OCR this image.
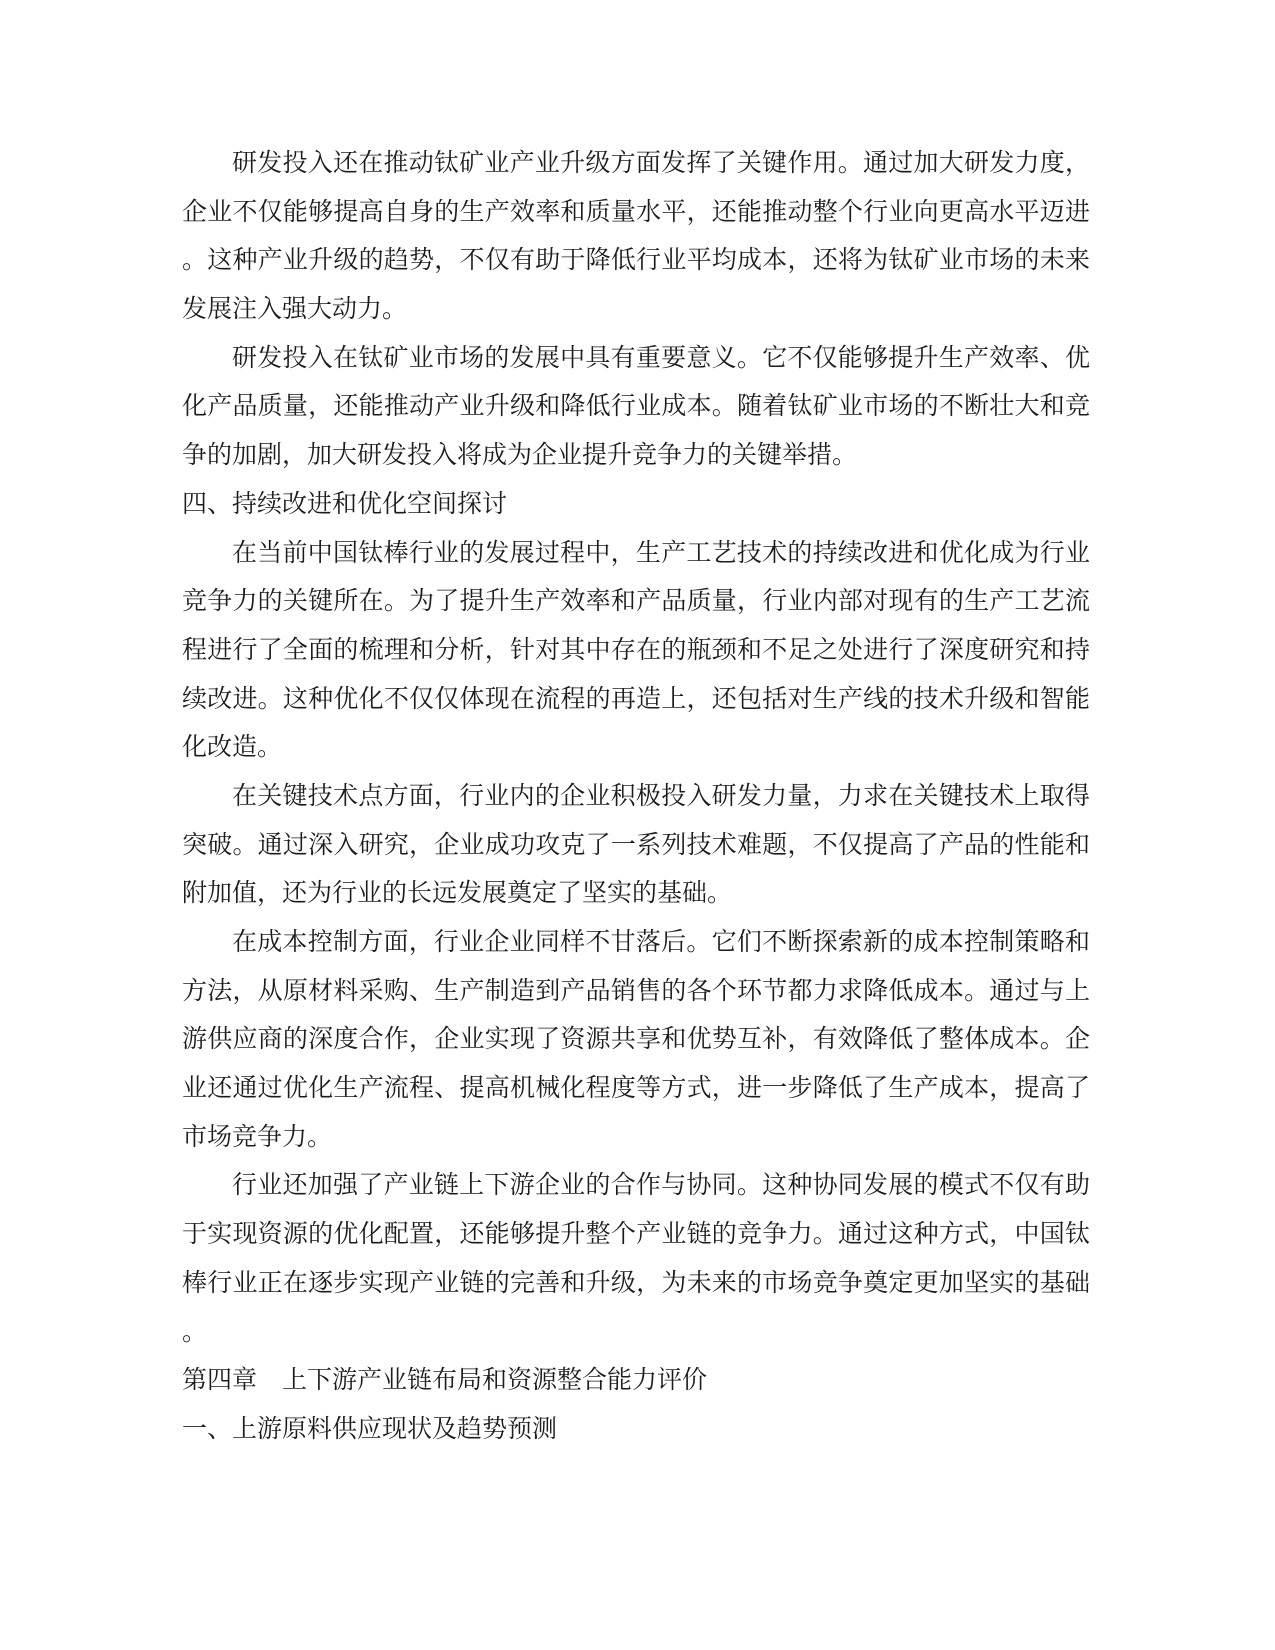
研发投入还在推动钛矿业产业升级方面发挥了关键作用。通过加大研发力度，
企业不仅能够提高自身的生产效率和质量水平，还能推动整个行业向更高水平迈进
。这种产业升级的趋势，不仅有助于降低行业平均成本，还将为钛矿业市场的未来
发展注入强大动力。
研发投入在钛矿业市场的发展中具有重要意义。它不仅能够提升生产效率、优
化产品质量，还能推动产业升级和降低行业成本。随着钛矿业市场的不断壮大和竞
争的加剧，加大研发投入将成为企业提升竞争力的关键举措。
四、持续改进和优化空间探讨
在当前中国钛棒行业的发展过程中，生产工艺技术的持续改进和优化成为行业
竞争力的关键所在。为了提升生产效率和产品质量，行业内部对现有的生产工艺流
程进行了全面的梳理和分析，针对其中存在的瓶颈和不足之处进行了深度研究和持
续改进。这种优化不仅仅体现在流程的再造上，还包括对生产线的技术升级和智能
化改造。
在关键技术点方面，行业内的企业积极投入研发力量，力求在关键技术上取得
突破。通过深入研究，企业成功攻克了一系列技术难题，不仅提高了产品的性能和
附加值，还为行业的长远发展奠定了坚实的基础。
在成本控制方面，行业企业同样不甘落后。它们不断探索新的成本控制策略和
方法，从原材料采购、生产制造到产品销售的各个环节都力求降低成本。通过与上
游供应商的深度合作，企业实现了资源共享和优势互补，有效降低了整体成本。企
业还通过优化生产流程、提高机械化程度等方式，进一步降低了生产成本，提高了
市场竞争力。
行业还加强了产业链上下游企业的合作与协同。这种协同发展的模式不仅有助
于实现资源的优化配置，还能够提升整个产业链的竞争力。通过这种方式，中国钛
棒行业正在逐步实现产业链的完善和升级，为未来的市场竞争奠定更加坚实的基础
。
第四章　上下游产业链布局和资源整合能力评价
一、上游原料供应现状及趋势预测
